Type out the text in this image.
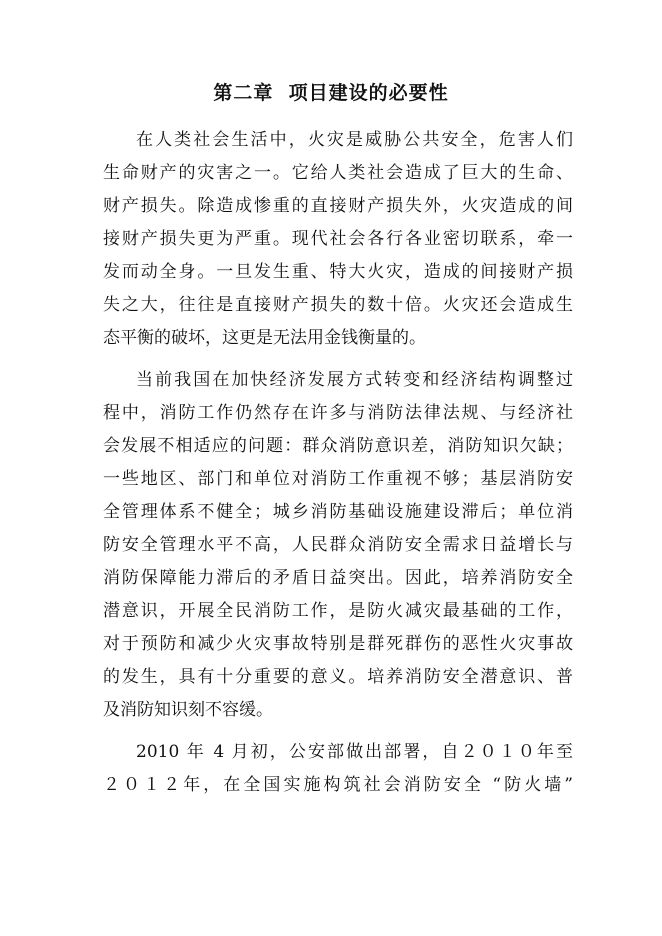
第二章  项目建设的必要性
在人类社会生活中，火灾是威胁公共安全，危害人们
生命财产的灾害之一。它给人类社会造成了巨大的生命、
财产损失。除造成惨重的直接财产损失外，火灾造成的间
接财产损失更为严重。现代社会各行各业密切联系，牵一
发而动全身。一旦发生重、特大火灾，造成的间接财产损
失之大，往往是直接财产损失的数十倍。火灾还会造成生
态平衡的破坏，这更是无法用金钱衡量的。
当前我国在加快经济发展方式转变和经济结构调整过
程中，消防工作仍然存在许多与消防法律法规、与经济社
会发展不相适应的问题：群众消防意识差，消防知识欠缺；
一些地区、部门和单位对消防工作重视不够；基层消防安
全管理体系不健全；城乡消防基础设施建设滞后；单位消
防安全管理水平不高，人民群众消防安全需求日益增长与
消防保障能力滞后的矛盾日益突出。因此，培养消防安全
潜意识，开展全民消防工作，是防火减灾最基础的工作，
对于预防和减少火灾事故特别是群死群伤的恶性火灾事故
的发生，具有十分重要的意义。培养消防安全潜意识、普
及消防知识刻不容缓。
2010 年 4 月初，公安部做出部署，自２０１０年至
２０１２年，在全国实施构筑社会消防安全 “防火墙”
